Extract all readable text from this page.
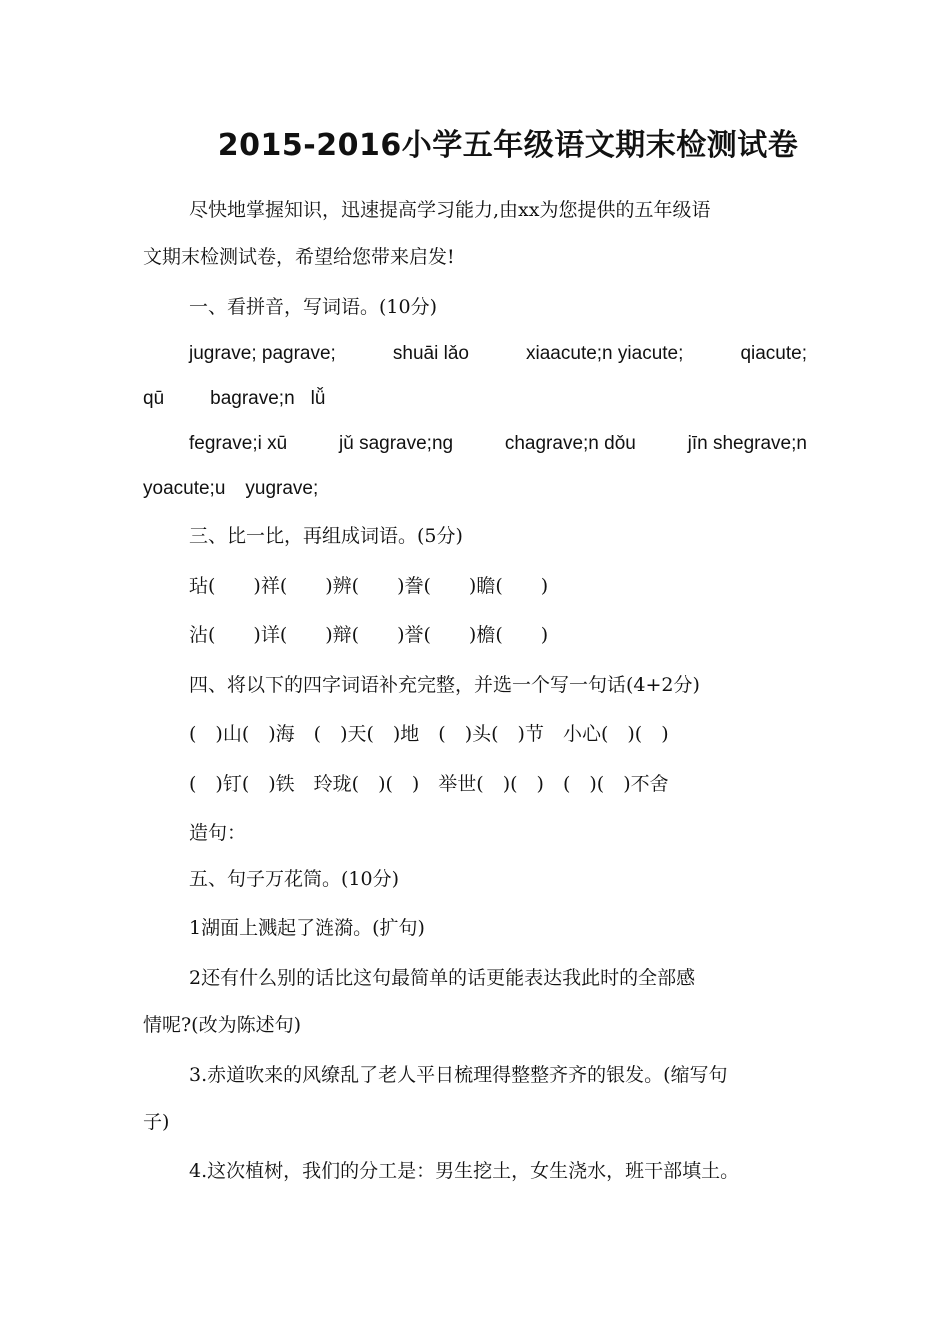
2015-2016小学五年级语文期末检测试卷
尽快地掌握知识，迅速提高学习能力,由xx为您提供的五年级语
文期末检测试卷，希望给您带来启发!
一、看拼音，写词语。(10分)
jugrave; pagrave;	shuāi lǎo	xiaacute;n yiacute;	qiacute;
qū bagrave;n lǚ
fegrave;i xū	jǔ sagrave;ng	chagrave;n dǒu	jīn shegrave;n
yoacute;u yugrave;
三、比一比，再组成词语。(5分)
玷(　　)祥(　　)辨(　　)誊(　　)瞻(　　)
沾(　　)详(　　)辩(　　)誉(　　)檐(　　)
四、将以下的四字词语补充完整，并选一个写一句话(4+2分)
(　)山(　)海　(　)天(　)地　(　)头(　)节　小心(　)(　)
(　)钉(　)铁　玲珑(　)(　)　举世(　)(　)　(　)(　)不舍
造句：
五、句子万花筒。(10分)
1湖面上溅起了涟漪。(扩句)
2还有什么别的话比这句最简单的话更能表达我此时的全部感
情呢?(改为陈述句)
3.赤道吹来的风缭乱了老人平日梳理得整整齐齐的银发。(缩写句
子)
4.这次植树，我们的分工是：男生挖土，女生浇水，班干部填土。
